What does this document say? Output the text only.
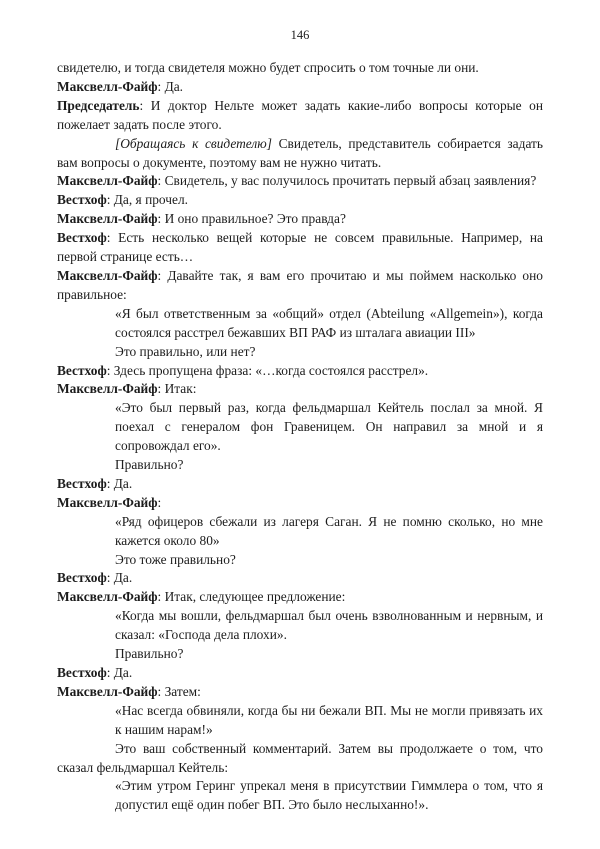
146

свидетелю, и тогда свидетеля можно будет спросить о том точные ли они.

Максвелл-Файф: Да.

Председатель: И доктор Нельте может задать какие-либо вопросы которые он пожелает задать после этого.

[Обращаясь к свидетелю] Свидетель, представитель собирается задать вам вопросы о документе, поэтому вам не нужно читать.

Максвелл-Файф: Свидетель, у вас получилось прочитать первый абзац заявления?

Вестхоф: Да, я прочел.

Максвелл-Файф: И оно правильное? Это правда?

Вестхоф: Есть несколько вещей которые не совсем правильные. Например, на первой странице есть…

Максвелл-Файф: Давайте так, я вам его прочитаю и мы поймем насколько оно правильное:

«Я был ответственным за «общий» отдел (Abteilung «Allgemein»), когда состоялся расстрел бежавших ВП РАФ из шталага авиации III»

Это правильно, или нет?

Вестхоф: Здесь пропущена фраза: «…когда состоялся расстрел».

Максвелл-Файф: Итак:

«Это был первый раз, когда фельдмаршал Кейтель послал за мной. Я поехал с генералом фон Гравеницем. Он направил за мной и я сопровождал его».

Правильно?

Вестхоф: Да.

Максвелл-Файф:

«Ряд офицеров сбежали из лагеря Саган. Я не помню сколько, но мне кажется около 80»

Это тоже правильно?

Вестхоф: Да.

Максвелл-Файф: Итак, следующее предложение:

«Когда мы вошли, фельдмаршал был очень взволнованным и нервным, и сказал: «Господа дела плохи».

Правильно?

Вестхоф: Да.

Максвелл-Файф: Затем:

«Нас всегда обвиняли, когда бы ни бежали ВП. Мы не могли привязать их к нашим нарам!»

Это ваш собственный комментарий. Затем вы продолжаете о том, что сказал фельдмаршал Кейтель:

«Этим утром Геринг упрекал меня в присутствии Гиммлера о том, что я допустил ещё один побег ВП. Это было неслыханно!».
